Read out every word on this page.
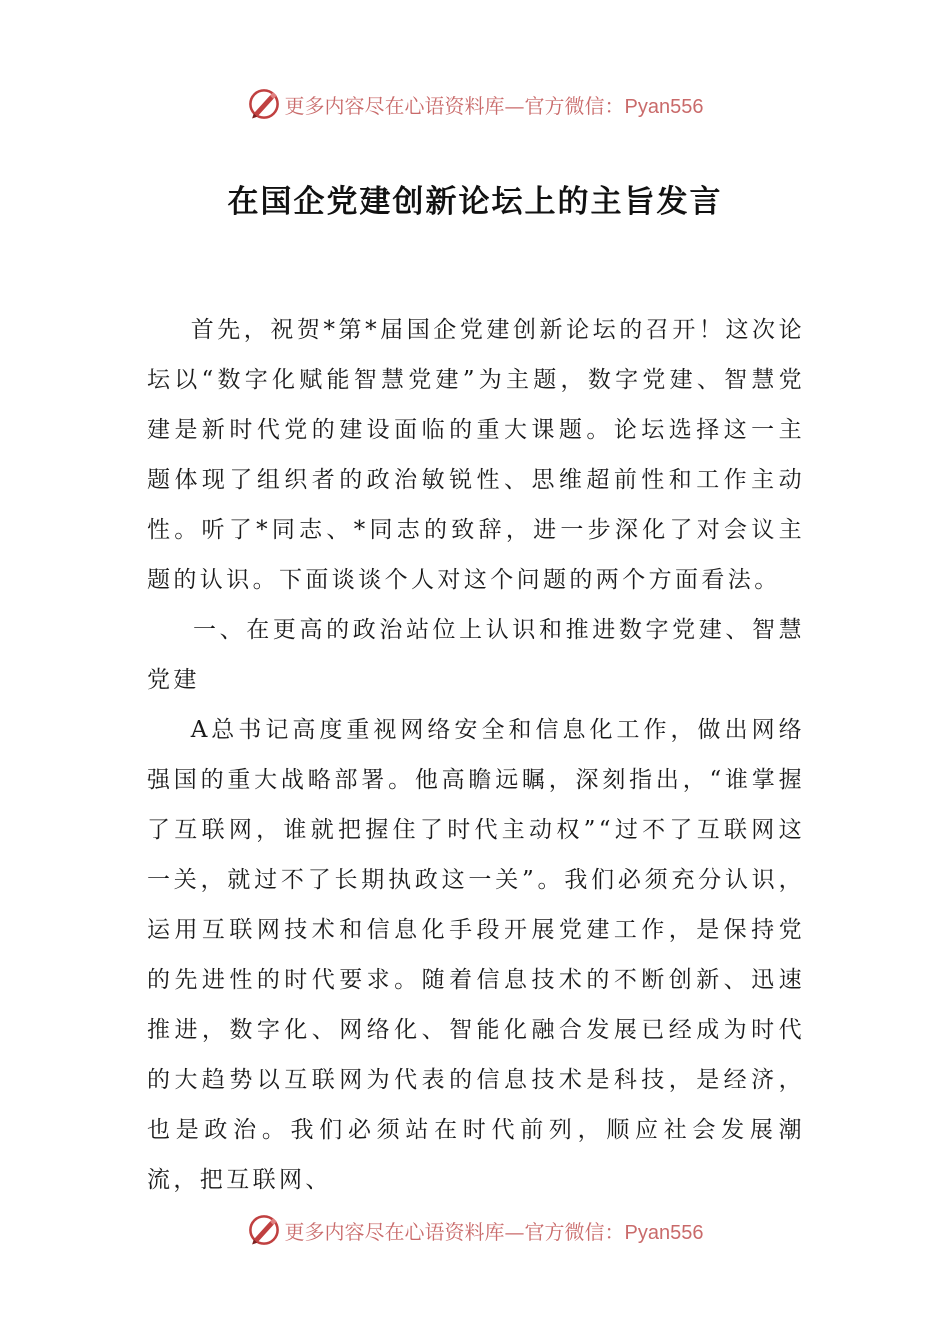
更多内容尽在心语资料库—官方微信：Pyan556
在国企党建创新论坛上的主旨发言

首先，祝贺*第*届国企党建创新论坛的召开！这次论坛以“数字化赋能智慧党建”为主题，数字党建、智慧党建是新时代党的建设面临的重大课题。论坛选择这一主题体现了组织者的政治敏锐性、思维超前性和工作主动性。听了*同志、*同志的致辞，进一步深化了对会议主题的认识。下面谈谈个人对这个问题的两个方面看法。

一、在更高的政治站位上认识和推进数字党建、智慧党建

A总书记高度重视网络安全和信息化工作，做出网络强国的重大战略部署。他高瞻远瞩，深刻指出，“谁掌握了互联网，谁就把握住了时代主动权”“过不了互联网这一关，就过不了长期执政这一关”。我们必须充分认识，运用互联网技术和信息化手段开展党建工作，是保持党的先进性的时代要求。随着信息技术的不断创新、迅速推进，数字化、网络化、智能化融合发展已经成为时代的大趋势以互联网为代表的信息技术是科技，是经济，也是政治。我们必须站在时代前列，顺应社会发展潮流，把互联网、

更多内容尽在心语资料库—官方微信：Pyan556
